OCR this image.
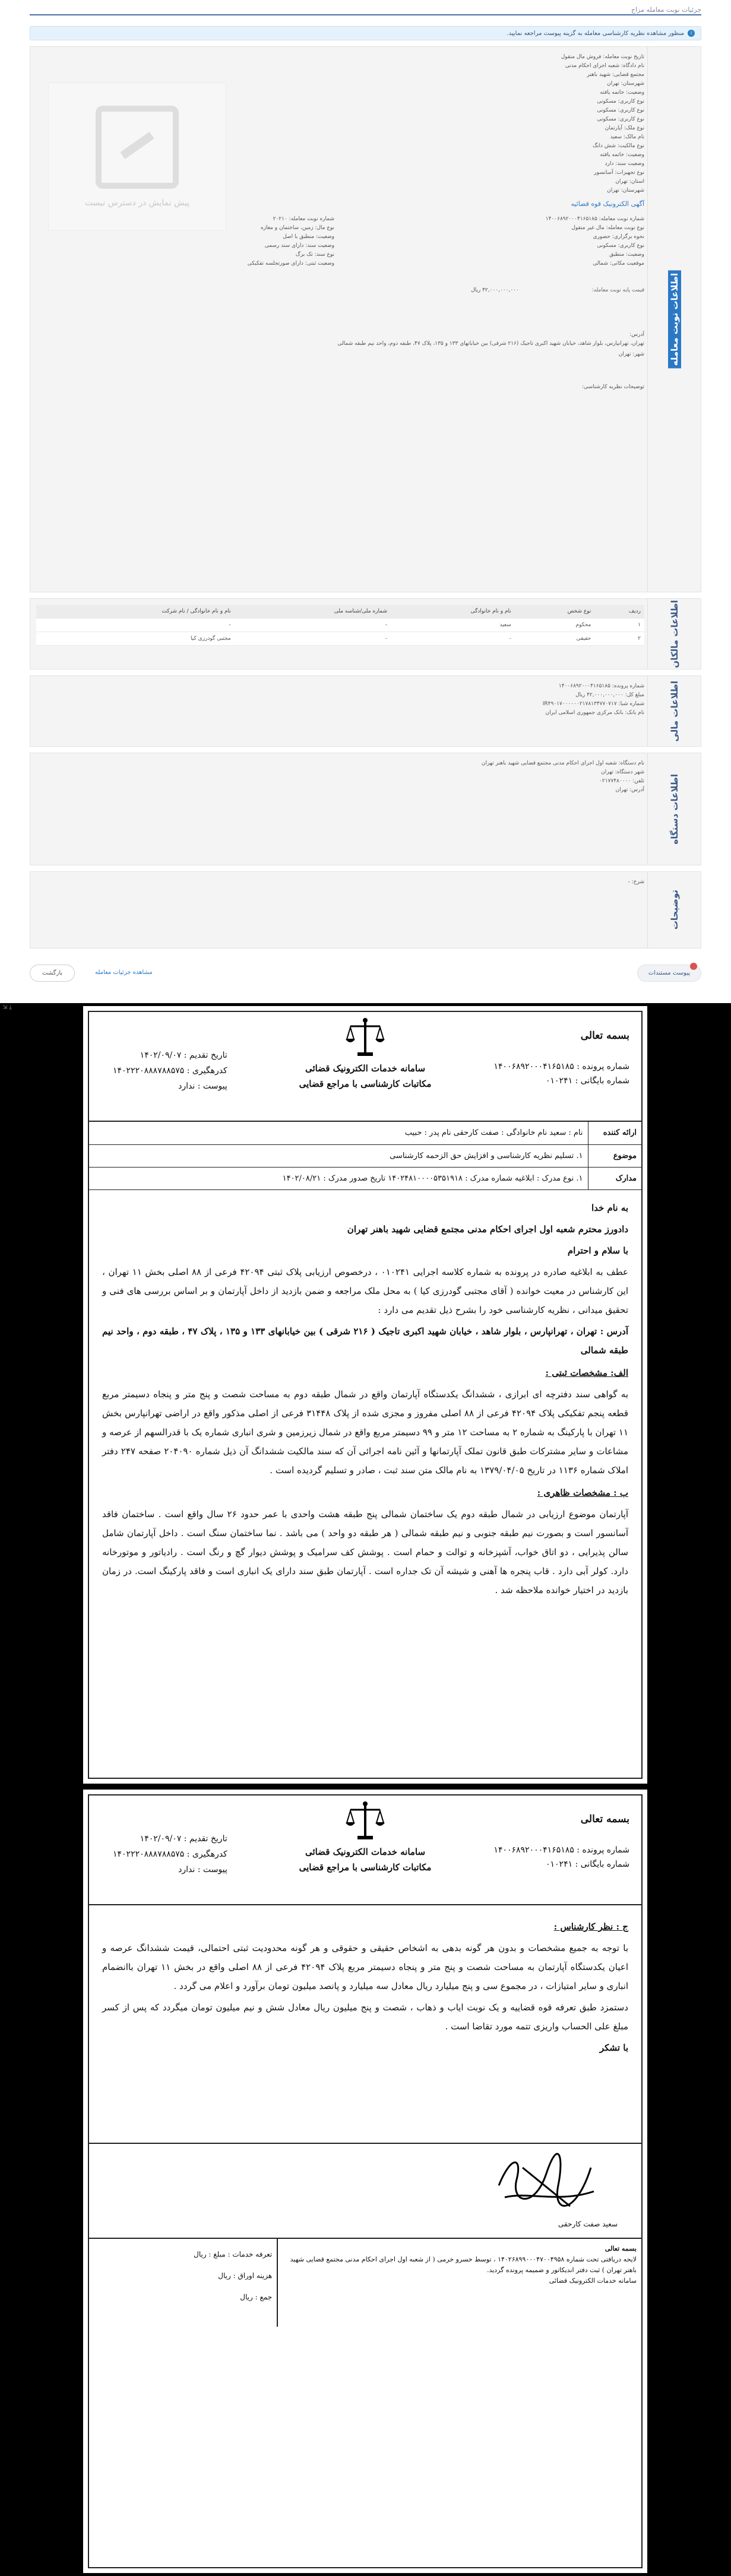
جزئیات نوبت معامله مزاج
i
منظور مشاهده نظریه کارشناسی معامله به گزینه پیوست مراجعه نمایید.
اطلاعات نوبت معامله
تاریخ نوبت معامله: فروش مال منقول
نام دادگاه: شعبه اجرای احکام مدنی
مجتمع قضایی: شهید باهنر
شهرستان: تهران
وضعیت: خاتمه یافته
نوع کاربری: مسکونی
نوع کاربری: مسکونی
نوع کاربری: مسکونی
نوع ملک: آپارتمان
نام مالک: سعید
نوع مالکیت: شش دانگ
وضعیت: خاتمه یافته
وضعیت سند: دارد
نوع تجهیزات: آسانسور
استان: تهران
شهرستان: تهران
آگهی الکترونیک قوه قضائیه
شماره نوبت معامله: ۱۴۰۰۶۸۹۲۰۰۰۴۱۶۵۱۸۵
نوع نوبت معامله: مال غیر منقول
نحوه برگزاری: حضوری
نوع کاربری: مسکونی
وضعیت: منطبق
موقعیت مکانی: شمالی
شماره نوبت معامله: ۲۰۲۱۰
نوع مال: زمین، ساختمان و مغازه
وضعیت: منطبق با اصل
وضعیت سند: دارای سند رسمی
نوع سند: تک برگ
وضعیت ثبتی: دارای صورتجلسه تفکیکی
قیمت پایه نوبت معامله: ۴۲,۰۰۰,۰۰۰,۰۰۰ ریال
آدرس:
تهران، تهرانپارس، بلوار شاهد، خیابان شهید اکبری تاجیک (۲۱۶ شرقی) بین خیابانهای ۱۳۳ و ۱۳۵، پلاک ۴۷، طبقه دوم، واحد نیم طبقه شمالی
شهر: تهران
توضیحات نظریه کارشناسی:
پیش نمایش در دسترس نیست
اطلاعات مالکان
ردیف	نوع شخص	نام و نام خانوادگی	شماره ملی/شناسه ملی	نام و نام خانوادگی / نام شرکت
۱	محکوم	سعید	-	-
۲	حقیقی	-	-	مجتبی گودرزی کیا
اطلاعات مالی
شماره پرونده: ۱۴۰۰۶۸۹۲۰۰۰۴۱۶۵۱۸۵
مبلغ کل: ۴۲,۰۰۰,۰۰۰,۰۰۰ ریال
شماره شبا: IR۴۹۰۱۷۰۰۰۰۰۰۲۱۷۸۱۳۴۷۷۰۷۱۷
نام بانک: بانک مرکزی جمهوری اسلامی ایران
اطلاعات دستگاه
نام دستگاه: شعبه اول اجرای احکام مدنی مجتمع قضایی شهید باهنر تهران
شهر دستگاه: تهران
تلفن: ۰۲۱۷۷۴۸۰۰۰۰
آدرس: تهران
توضیحات
شرح: -
پیوست مستندات
مشاهده جزئیات معامله
بازگشت
⇲ ⤓
بسمه تعالی
شماره پرونده : ۱۴۰۰۶۸۹۲۰۰۰۴۱۶۵۱۸۵
شماره بایگانی : ۰۱۰۲۴۱
سامانه خدمات الکترونیک قضائی
مکاتبات کارشناسی با مراجع قضایی
تاریخ تقدیم : ۱۴۰۲/۰۹/۰۷
کدرهگیری : ۱۴۰۲۲۲۰۸۸۸۷۸۸۵۷۵
پیوست : ندارد
ارائه کننده	نام : سعید نام خانوادگی : صفت کارحقی نام پدر : حبیب
موضوع	۱. تسلیم نظریه کارشناسی و افزایش حق الزحمه کارشناسی
مدارک	۱. نوع مدرک : ابلاغیه شماره مدرک : ۱۴۰۲۴۸۱۰۰۰۰۵۳۵۱۹۱۸ تاریخ صدور مدرک : ۱۴۰۲/۰۸/۲۱

به نام خدا

دادورز محترم شعبه اول اجرای احکام مدنی مجتمع قضایی شهید باهنر تهران

با سلام و احترام

عطف به ابلاغیه صادره در پرونده به شماره کلاسه اجرایی ۰۱۰۲۴۱ ، درخصوص ارزیابی پلاک ثبتی ۴۲۰۹۴ فرعی از ۸۸ اصلی بخش ۱۱ تهران ، این کارشناس در معیت خوانده ( آقای مجتبی گودرزی کیا ) به محل ملک مراجعه و ضمن بازدید از داخل آپارتمان و بر اساس بررسی های فنی و تحقیق میدانی ، نظریه کارشناسی خود را بشرح ذیل تقدیم می دارد :

آدرس : تهران ، تهرانپارس ، بلوار شاهد ، خیابان شهید اکبری تاجیک ( ۲۱۶ شرقی ) بین خیابانهای ۱۳۳ و ۱۳۵ ، پلاک ۴۷ ، طبقه دوم ، واحد نیم طبقه شمالی

الف: مشخصات ثبتی :

به گواهی سند دفترچه ای ابرازی ، ششدانگ یکدستگاه آپارتمان واقع در شمال طبقه دوم به مساحت شصت و پنج متر و پنجاه دسیمتر مربع قطعه پنجم تفکیکی پلاک ۴۲۰۹۴ فرعی از ۸۸ اصلی مفروز و مجزی شده از پلاک ۳۱۴۴۸ فرعی از اصلی مذکور واقع در اراضی تهرانپارس بخش ۱۱ تهران با پارکینگ به شماره ۲ به مساحت ۱۲ متر و ۹۹ دسیمتر مربع واقع در شمال زیرزمین و شری انباری شماره یک با قدرالسهم از عرصه و مشاعات و سایر مشترکات طبق قانون تملک آپارتمانها و آئین نامه اجرائی آن که سند مالکیت ششدانگ آن ذیل شماره ۲۰۴۰۹۰ صفحه ۲۴۷ دفتر املاک شماره ۱۱۳۶ در تاریخ ۱۳۷۹/۰۴/۰۵ به نام مالک متن سند ثبت ، صادر و تسلیم گردیده است .

ب : مشخصات ظاهری :

آپارتمان موضوع ارزیابی در شمال طبقه دوم یک ساختمان شمالی پنج طبقه هشت واحدی با عمر حدود ۲۶ سال واقع است . ساختمان فاقد آسانسور است و بصورت نیم طبقه جنوبی و نیم طبقه شمالی ( هر طبقه دو واحد ) می باشد . نما ساختمان سنگ است . داخل آپارتمان شامل سالن پذیرایی ، دو اتاق خواب، آشپزخانه و توالت و حمام است . پوشش کف سرامیک و پوشش دیوار گچ و رنگ است . رادیاتور و موتورخانه دارد. کولر آبی دارد . قاب پنجره ها آهنی و شیشه آن تک جداره است . آپارتمان طبق سند دارای یک انباری است و فاقد پارکینگ است. در زمان بازدید در اختیار خوانده ملاحظه شد .

بسمه تعالی
شماره پرونده : ۱۴۰۰۶۸۹۲۰۰۰۴۱۶۵۱۸۵
شماره بایگانی : ۰۱۰۲۴۱
سامانه خدمات الکترونیک قضائی
مکاتبات کارشناسی با مراجع قضایی
تاریخ تقدیم : ۱۴۰۲/۰۹/۰۷
کدرهگیری : ۱۴۰۲۲۲۰۸۸۸۷۸۸۵۷۵
پیوست : ندارد

ج : نظر کارشناس :

با توجه به جمیع مشخصات و بدون هر گونه بدهی به اشخاص حقیقی و حقوقی و هر گونه محدودیت ثبتی احتمالی، قیمت ششدانگ عرصه و اعیان یکدستگاه آپارتمان به مساحت شصت و پنج متر و پنجاه دسیمتر مربع پلاک ۴۲۰۹۴ فرعی از ۸۸ اصلی واقع در بخش ۱۱ تهران باانضمام انباری و سایر امتیازات ، در مجموع سی و پنج میلیارد ریال معادل سه میلیارد و پانصد میلیون تومان برآورد و اعلام می گردد .

دستمزد طبق تعرفه قوه قضاییه و یک نوبت ایاب و ذهاب ، شصت و پنج میلیون ریال معادل شش و نیم میلیون تومان میگردد که پس از کسر مبلغ علی الحساب واریزی تتمه مورد تقاضا است .

با تشکر

سعید صفت کارحقی
بسمه تعالی
لایحه دریافتی تحت شماره ۱۴۰۲۶۸۹۹۰۰۰۴۷۰۰۴۹۵۸ ، توسط خسرو خرمی ( از شعبه اول اجرای احکام مدنی مجتمع قضایی شهید باهنر تهران ) ثبت دفتر اندیکاتور و ضمیمه پرونده گردید.
سامانه خدمات الکترونیک قضائی
تعرفه خدمات : مبلغ : ریال
هزینه اوراق : ریال
جمع : ریال
